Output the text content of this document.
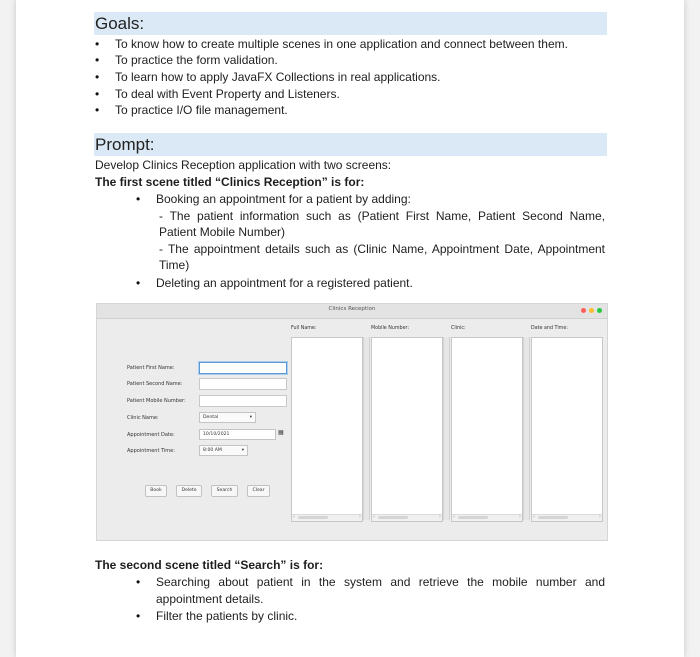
Goals:
• To know how to create multiple scenes in one application and connect between them.
• To practice the form validation.
• To learn how to apply JavaFX Collections in real applications.
• To deal with Event Property and Listeners.
• To practice I/O file management.
Prompt:
Develop Clinics Reception application with two screens:
The first scene titled “Clinics Reception” is for:
• Booking an appointment for a patient by adding:
- The patient information such as (Patient First Name, Patient Second Name,
Patient Mobile Number)
- The appointment details such as (Clinic Name, Appointment Date, Appointment
Time)
• Deleting an appointment for a registered patient.
Clinics Reception
Patient First Name:
Patient Second Name:
Patient Mobile Number:
Clinic Name:	Dental	▾
Appointment Date:	10/10/2021	▦
Appointment Time:	8:00 AM	▾
Book	Delete	Search	Clear
Full Name:	Mobile Number:	Clinic:	Date and Time:
‹	› ‹	› ‹	› ‹	›
The second scene titled “Search” is for:
• Searching about patient in the system and retrieve the mobile number and
appointment details.
• Filter the patients by clinic.
